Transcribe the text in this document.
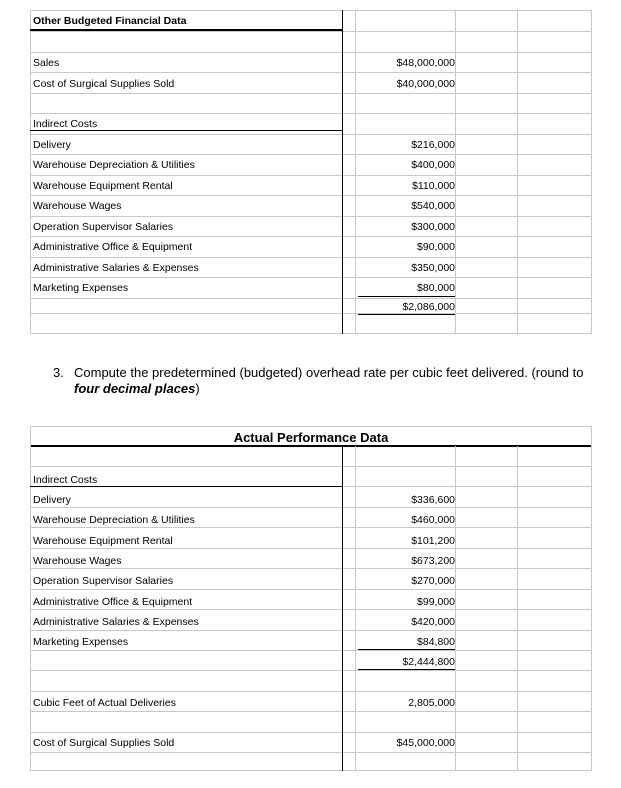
Other Budgeted Financial Data
Sales	$48,000,000
Cost of Surgical Supplies Sold	$40,000,000
Indirect Costs
Delivery	$216,000
Warehouse Depreciation & Utilities	$400,000
Warehouse Equipment Rental	$110,000
Warehouse Wages	$540,000
Operation Supervisor Salaries	$300,000
Administrative Office & Equipment	$90,000
Administrative Salaries & Expenses	$350,000
Marketing Expenses	$80,000
$2,086,000
3. Compute the predetermined (budgeted) overhead rate per cubic feet delivered. (round to
four decimal places)
Actual Performance Data
Indirect Costs
Delivery	$336,600
Warehouse Depreciation & Utilities	$460,000
Warehouse Equipment Rental	$101,200
Warehouse Wages	$673,200
Operation Supervisor Salaries	$270,000
Administrative Office & Equipment	$99,000
Administrative Salaries & Expenses	$420,000
Marketing Expenses	$84,800
$2,444,800
Cubic Feet of Actual Deliveries	2,805,000
Cost of Surgical Supplies Sold	$45,000,000
